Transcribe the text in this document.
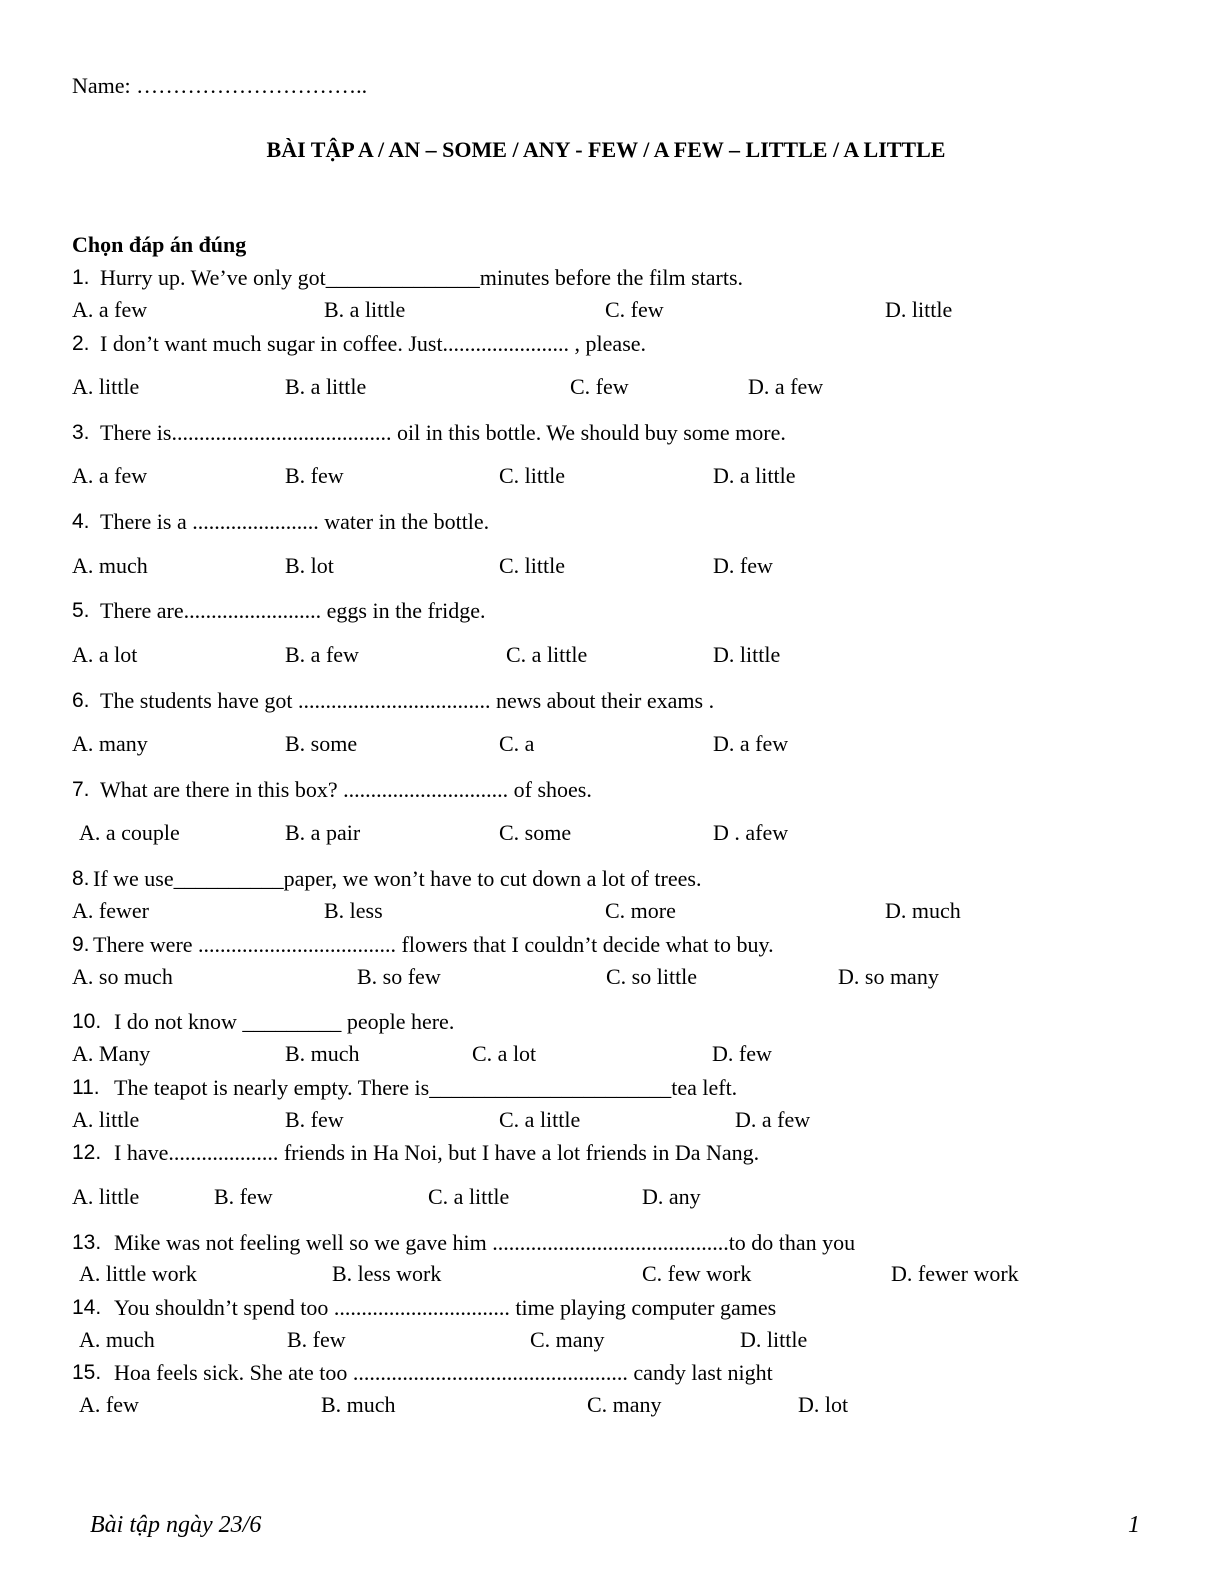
Name: …………………………..
BÀI TẬP A / AN – SOME / ANY - FEW / A FEW – LITTLE / A LITTLE
Chọn đáp án đúng
1. Hurry up. We’ve only got______________minutes before the film starts.
A. a few	B. a little	C. few	D. little
2. I don’t want much sugar in coffee. Just....................... , please.
A. little	B. a little	C. few	D. a few
3. There is........................................ oil in this bottle. We should buy some more.
A. a few	B. few	C. little	D. a little
4. There is a ....................... water in the bottle.
A. much	B. lot	C. little	D. few
5. There are......................... eggs in the fridge.
A. a lot	B. a few	C. a little	D. little
6. The students have got ................................... news about their exams .
A. many	B. some	C. a	D. a few
7. What are there in this box? .............................. of shoes.
A. a couple	B. a pair	C. some	D . afew
8. If we use__________paper, we won’t have to cut down a lot of trees.
A. fewer	B. less	C. more	D. much
9. There were .................................... flowers that I couldn’t decide what to buy.
A. so much	B. so few	C. so little	D. so many
10. I do not know _________ people here.
A. Many	B. much	C. a lot	D. few
11. The teapot is nearly empty. There is______________________tea left.
A. little	B. few	C. a little	D. a few
12. I have.................... friends in Ha Noi, but I have a lot friends in Da Nang.
A. little	B. few	C. a little	D. any
13. Mike was not feeling well so we gave him ...........................................to do than you
A. little work	B. less work	C. few work	D. fewer work
14. You shouldn’t spend too ................................ time playing computer games
A. much	B. few	C. many	D. little
15. Hoa feels sick. She ate too .................................................. candy last night
A. few	B. much	C. many	D. lot
Bài tập ngày 23/6	1
